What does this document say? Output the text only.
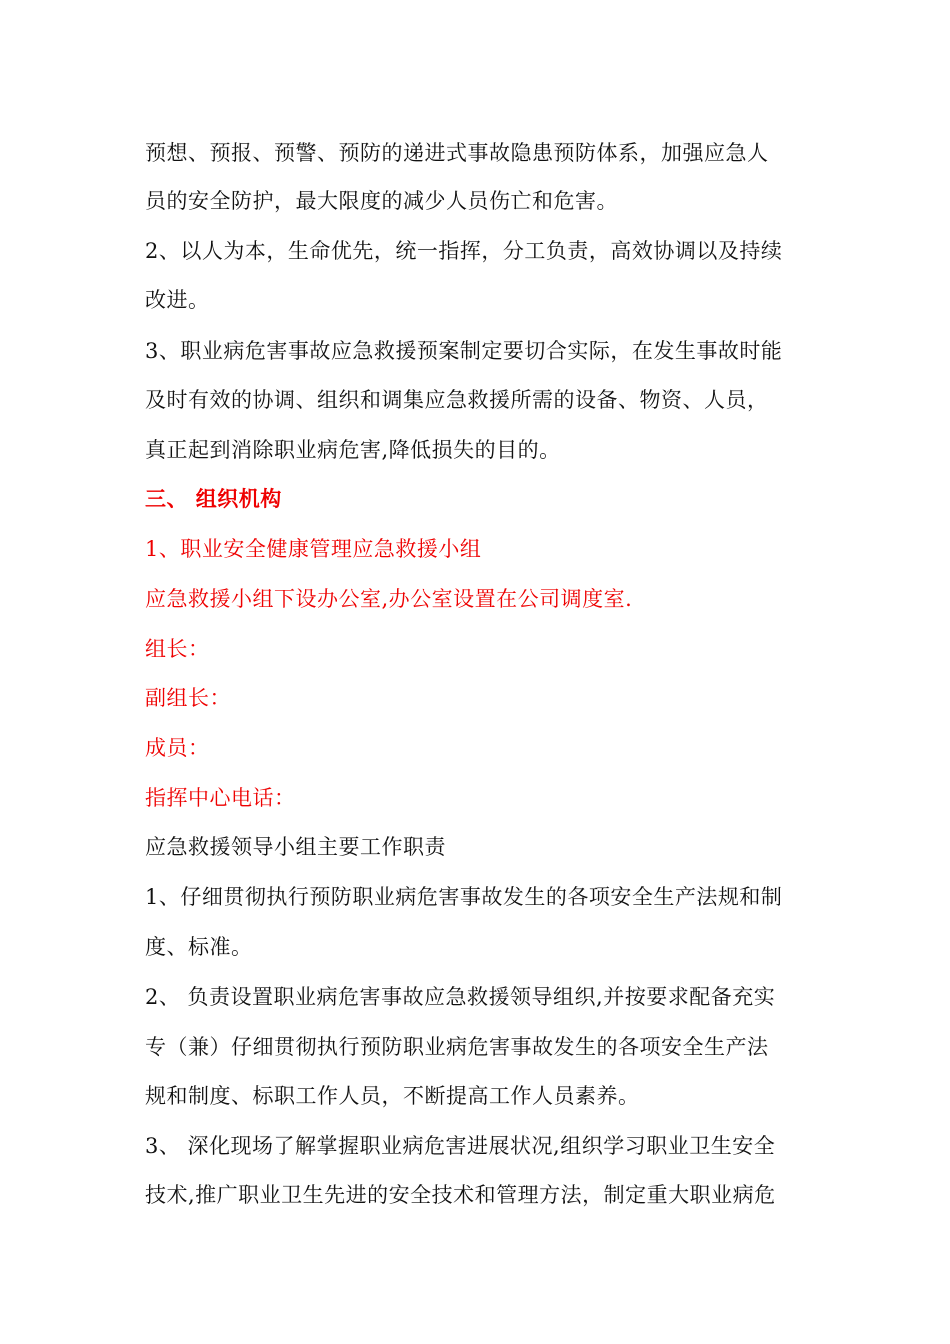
预想、预报、预警、预防的递进式事故隐患预防体系，加强应急人
员的安全防护，最大限度的减少人员伤亡和危害。
2、以人为本，生命优先，统一指挥，分工负责，高效协调以及持续
改进。
3、职业病危害事故应急救援预案制定要切合实际，在发生事故时能
及时有效的协调、组织和调集应急救援所需的设备、物资、人员，
真正起到消除职业病危害,降低损失的目的。
三、 组织机构
1、职业安全健康管理应急救援小组
应急救援小组下设办公室,办公室设置在公司调度室.
组长：
副组长：
成员：
指挥中心电话：
应急救援领导小组主要工作职责
1、仔细贯彻执行预防职业病危害事故发生的各项安全生产法规和制
度、标准。
2、 负责设置职业病危害事故应急救援领导组织,并按要求配备充实
专（兼）仔细贯彻执行预防职业病危害事故发生的各项安全生产法
规和制度、标职工作人员，不断提高工作人员素养。
3、 深化现场了解掌握职业病危害进展状况,组织学习职业卫生安全
技术,推广职业卫生先进的安全技术和管理方法，制定重大职业病危
